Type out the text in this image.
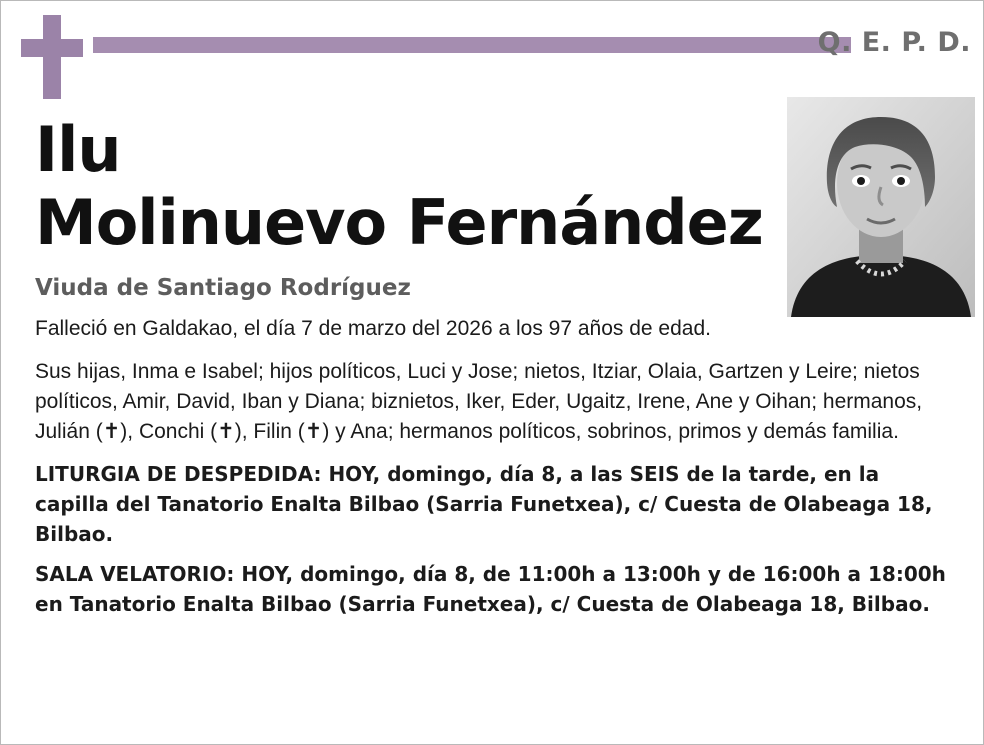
Q. E. P. D.
Ilu
Molinuevo Fernández
Viuda de Santiago Rodríguez
Falleció en Galdakao, el día 7 de marzo del 2026 a los 97 años de edad.
Sus hijas, Inma e Isabel; hijos políticos, Luci y Jose; nietos, Itziar, Olaia, Gartzen y Leire; nietos políticos, Amir, David, Iban y Diana; biznietos, Iker, Eder, Ugaitz, Irene, Ane y Oihan; hermanos, Julián (✝), Conchi (✝), Filin (✝) y Ana; hermanos políticos, sobrinos, primos y demás familia.
LITURGIA DE DESPEDIDA: HOY, domingo, día 8, a las SEIS de la tarde, en la capilla del Tanatorio Enalta Bilbao (Sarria Funetxea), c/ Cuesta de Olabeaga 18, Bilbao.
SALA VELATORIO: HOY, domingo, día 8, de 11:00h a 13:00h y de 16:00h a 18:00h en Tanatorio Enalta Bilbao (Sarria Funetxea), c/ Cuesta de Olabeaga 18, Bilbao.
